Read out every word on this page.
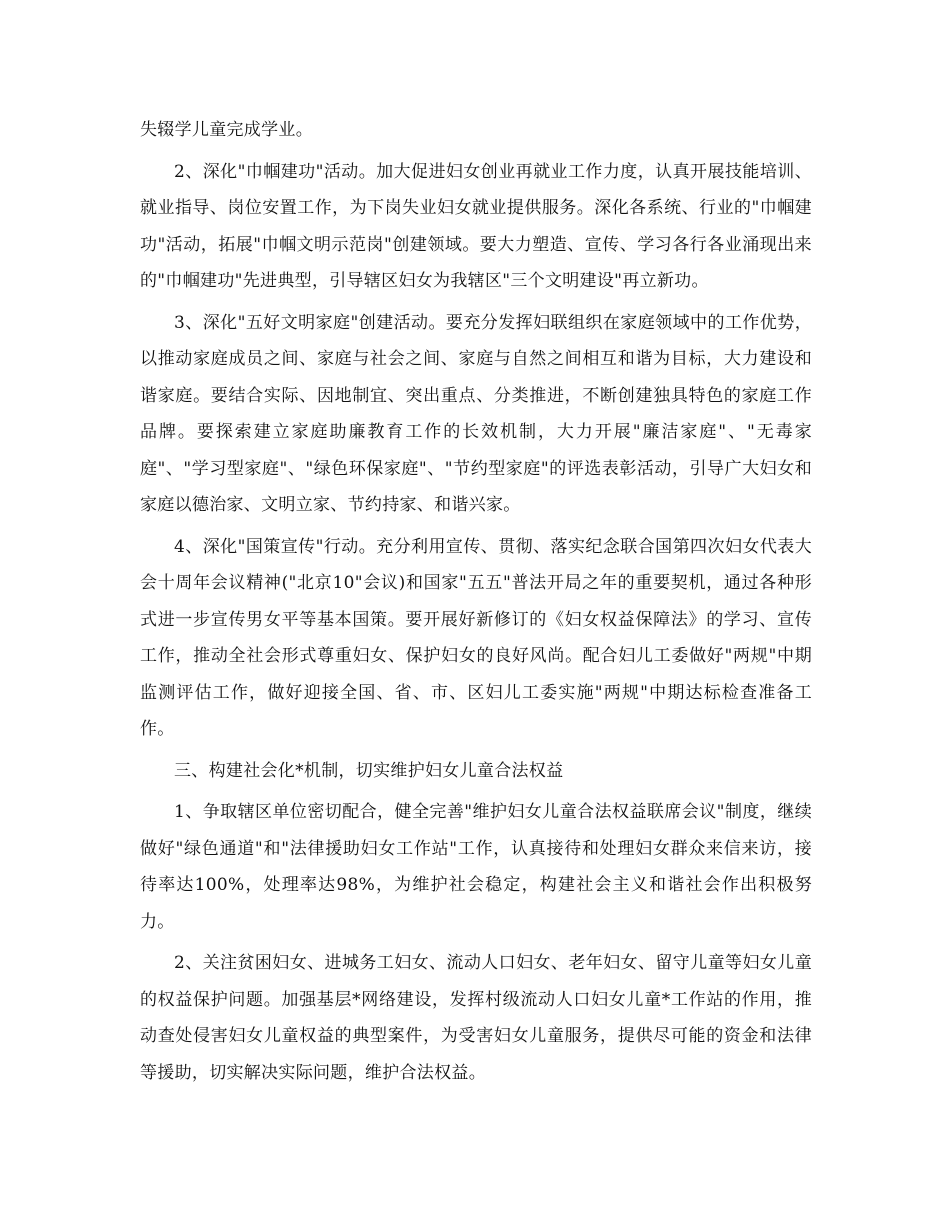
失辍学儿童完成学业。

2、深化"巾帼建功"活动。加大促进妇女创业再就业工作力度，认真开展技能培训、就业指导、岗位安置工作，为下岗失业妇女就业提供服务。深化各系统、行业的"巾帼建功"活动，拓展"巾帼文明示范岗"创建领域。要大力塑造、宣传、学习各行各业涌现出来的"巾帼建功"先进典型，引导辖区妇女为我辖区"三个文明建设"再立新功。

3、深化"五好文明家庭"创建活动。要充分发挥妇联组织在家庭领域中的工作优势，以推动家庭成员之间、家庭与社会之间、家庭与自然之间相互和谐为目标，大力建设和谐家庭。要结合实际、因地制宜、突出重点、分类推进，不断创建独具特色的家庭工作品牌。要探索建立家庭助廉教育工作的长效机制，大力开展"廉洁家庭"、"无毒家庭"、"学习型家庭"、"绿色环保家庭"、"节约型家庭"的评选表彰活动，引导广大妇女和家庭以德治家、文明立家、节约持家、和谐兴家。

4、深化"国策宣传"行动。充分利用宣传、贯彻、落实纪念联合国第四次妇女代表大会十周年会议精神("北京10"会议)和国家"五五"普法开局之年的重要契机，通过各种形式进一步宣传男女平等基本国策。要开展好新修订的《妇女权益保障法》的学习、宣传工作，推动全社会形式尊重妇女、保护妇女的良好风尚。配合妇儿工委做好"两规"中期监测评估工作，做好迎接全国、省、市、区妇儿工委实施"两规"中期达标检查准备工作。

三、构建社会化*机制，切实维护妇女儿童合法权益

1、争取辖区单位密切配合，健全完善"维护妇女儿童合法权益联席会议"制度，继续做好"绿色通道"和"法律援助妇女工作站"工作，认真接待和处理妇女群众来信来访，接待率达100%，处理率达98%，为维护社会稳定，构建社会主义和谐社会作出积极努力。

2、关注贫困妇女、进城务工妇女、流动人口妇女、老年妇女、留守儿童等妇女儿童的权益保护问题。加强基层*网络建设，发挥村级流动人口妇女儿童*工作站的作用，推动查处侵害妇女儿童权益的典型案件，为受害妇女儿童服务，提供尽可能的资金和法律等援助，切实解决实际问题，维护合法权益。
